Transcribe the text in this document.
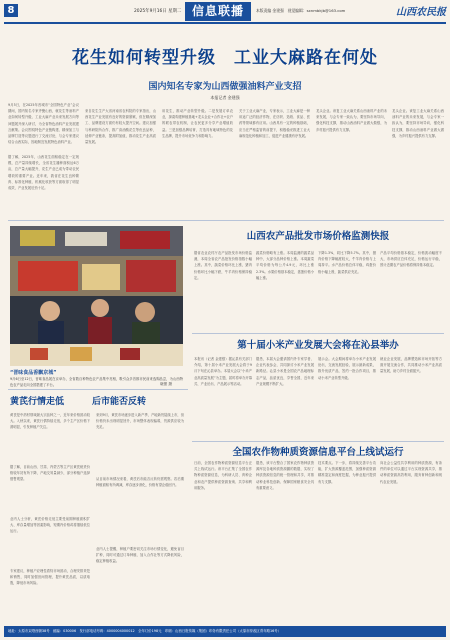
8	2025年9月16日 星期二 信息联播	本版责编 金建强　视觉编辑：sxnmbkjb@163.com	山西农民报
花生如何转型升级　工业大麻路在何处
国内知名专家为山西做强油料产业支招
本报记者 金建强
9月5日，在2025年晋城市“全国特色产业”会议期间，国内知名专家齐聚山西，就花生等油料产业如何转型升级、工业大麻产业未来发展方向等问题展开深入研讨，为全省特色油料产业发展建言献策。会议围绕特色产业链构建、精深加工与品牌打造等议题进行了交流讨论，与会专家建议结合山西实际，因地制宜发展特色油料产业。
据了解，2025年，山西花生面积稳定在一定规模，总产量持续增长，全省花生播种面积达6万亩，总产量大幅提升，花生产业已成为带动农民增收的重要产业。近年来，我省在花生良种繁育、标准化种植、机械化收获等方面取得了明显成效，产业发展后劲十足。
来自花生生产大省河南省农科院的专家指出，山西花生产业发展有良好的资源禀赋，但在精深加工、品牌建设方面仍有较大提升空间。建议加强与科研院所合作，推广高油酸花生等优良品种，延伸产业链条，提高附加值，推动花生产业高质量发展。
用花生，推动产业转型升级。二是发展订单农业，探索构建种植基地+龙头企业+合作社+农户的联农带农机制，让农民更多分享产业增值收益。三是加强品牌培育，打造具有地域特色的花生品牌，提升市场竞争力和影响力。
关于工业大麻产业，专家表示，工业大麻是一种用途广泛的经济作物，在纺织、造纸、食品、医药等领域都有应用。山西具有一定的种植基础，应当在严格监管的前提下，积极稳妥推进工业大麻规范化种植和加工，促进产业健康有序发展。
龙头企业。该复工业大麻关系山西油料产业的未来发展，与会专家一致认为，要坚持市场导向，强化科技支撑，推动山西油料产业做大做强，为乡村振兴提供有力支撑。
龙头企业。该复工业大麻关系山西油料产业的未来发展，与会专家一致认为，要坚持市场导向，强化科技支撑，推动山西油料产业做大做强，为乡村振兴提供有力支撑。
“晋味食品香飘京城”
9月6日至12日，晋味食品展在京举办，全省数百种特色农产品集中亮相，吸引众多首都市民前来选购品尝，为山西特色农产品走向全国搭建了平台。	晓蕾 摄
黄芪行情走低	后市能否反转
黄芪是中药材领域最大宗品种之一，近年来价格波动较大。入秋以来，黄芪行情持续走低，多个主产区价格下滑明显，引发种植户关注。
据了解，目前山西、甘肃、内蒙古等主产区黄芪统货价格较年初有所下降，产地交易量减少，部分种植户选择惜售观望。
业内人士分析，黄芪价格走低主要受前期种植面积扩大、库存量增加等因素影响，短期内价格或将继续低位运行。
专家建议，种植户应理性看待市场波动，合理安排采挖和销售，同时加强田间管理，提升黄芪品质，以质取胜，降低市场风险。
来到9月，黄芪市场逐步进入新产季，产地新货陆续上市，但价格仍未出现明显回升，市场整体表现偏弱，货源供应较为充足。
从目前市场情况来看，黄芪后市能否反转仍需观察。若后期种植面积有所调减，库存逐步消化，价格有望企稳回升。
业内人士提醒，种植户要密切关注市场行情变化，避免盲目扩种，同时可通过订单种植、加入合作社等方式降低风险，稳定种植收益。
山西农产品批发市场价格监测快报
据省农业农村厅农产品批发市场价格监测，本周全省农产品批发价格指数小幅上涨。其中，蔬菜价格环比上涨，猪肉价格环比小幅下跌，牛羊肉价格保持稳定。
蔬菜价格略有上涨。本周监测的蔬菜品种中，大部分品种价格上涨。本周蔬菜平均价格为每公斤4.9元，环比上涨2.3%。水果价格基本稳定，禽蛋价格小幅上涨。
下降1.3%，同比下降5.7%。其中，猪肉价格下降幅度较大，牛羊肉价格与上周持平。水产品价格总体平稳，鸡蛋价格小幅上涨，蔬菜供应充足。
产品平均价格基本稳定，价格波动幅度不大，市场供应总体充足，价格运行平稳，预计近期农产品价格将保持基本稳定。
第十届小米产业发展大会将在沁县举办
本报讯（记者 金建强）据沁县有关部门介绍，第十届小米产业发展大会将于9月下旬在沁县举办。本届大会以“小米产业高质量发展”为主题，届时将举办开幕式、产业论坛、产品展示等活动。
据悉，本届大会邀请国内外专家学者、企业代表参会，共同探讨小米产业发展新路径。沁县小米是全国农产品地理标志产品，品质优良，享誉全国，近年来产业规模不断扩大。
展示会。大会期间将举办小米产业发展论坛，交流发展经验，展示最新成果，推介优质产品，签约一批合作项目，推动小米产业转型升级。
就业企业发展，品牌塑造和市场开拓等方面开展交流合作，共同推动小米产业高质量发展，助力乡村全面振兴。
全国农作物种质资源信息平台上线试运行
日前，全国农作物种质资源信息平台正式上线试运行。该平台汇集了全国农作物种质资源信息，为科研人员、育种企业和农户提供种质资源查询、共享和利用服务。
据悉，该平台整合了国家农作物种质资源库及各地种质资源圃的数据，实现了种质资源信息的统一管理和共享，对推动种业科技创新、保障国家粮食安全具有重要意义。
技术要点。下一步，将持续完善平台功能，扩大资源覆盖范围，加强种质资源精准鉴定和深度挖掘，为种业振兴提供有力支撑。
向社会公益性共享利用的种质资源，有条件的单位可以通过平台实现资源共享，推动种质资源高效利用，服务育种创新和现代农业发展。
地址：太原市双塔西街38号　邮编：030006　发行部电话号码：4000004000012　全年订价198元　印刷：山西日报传媒（集团）印务有限责任公司（太原市综改区青年路16号）
